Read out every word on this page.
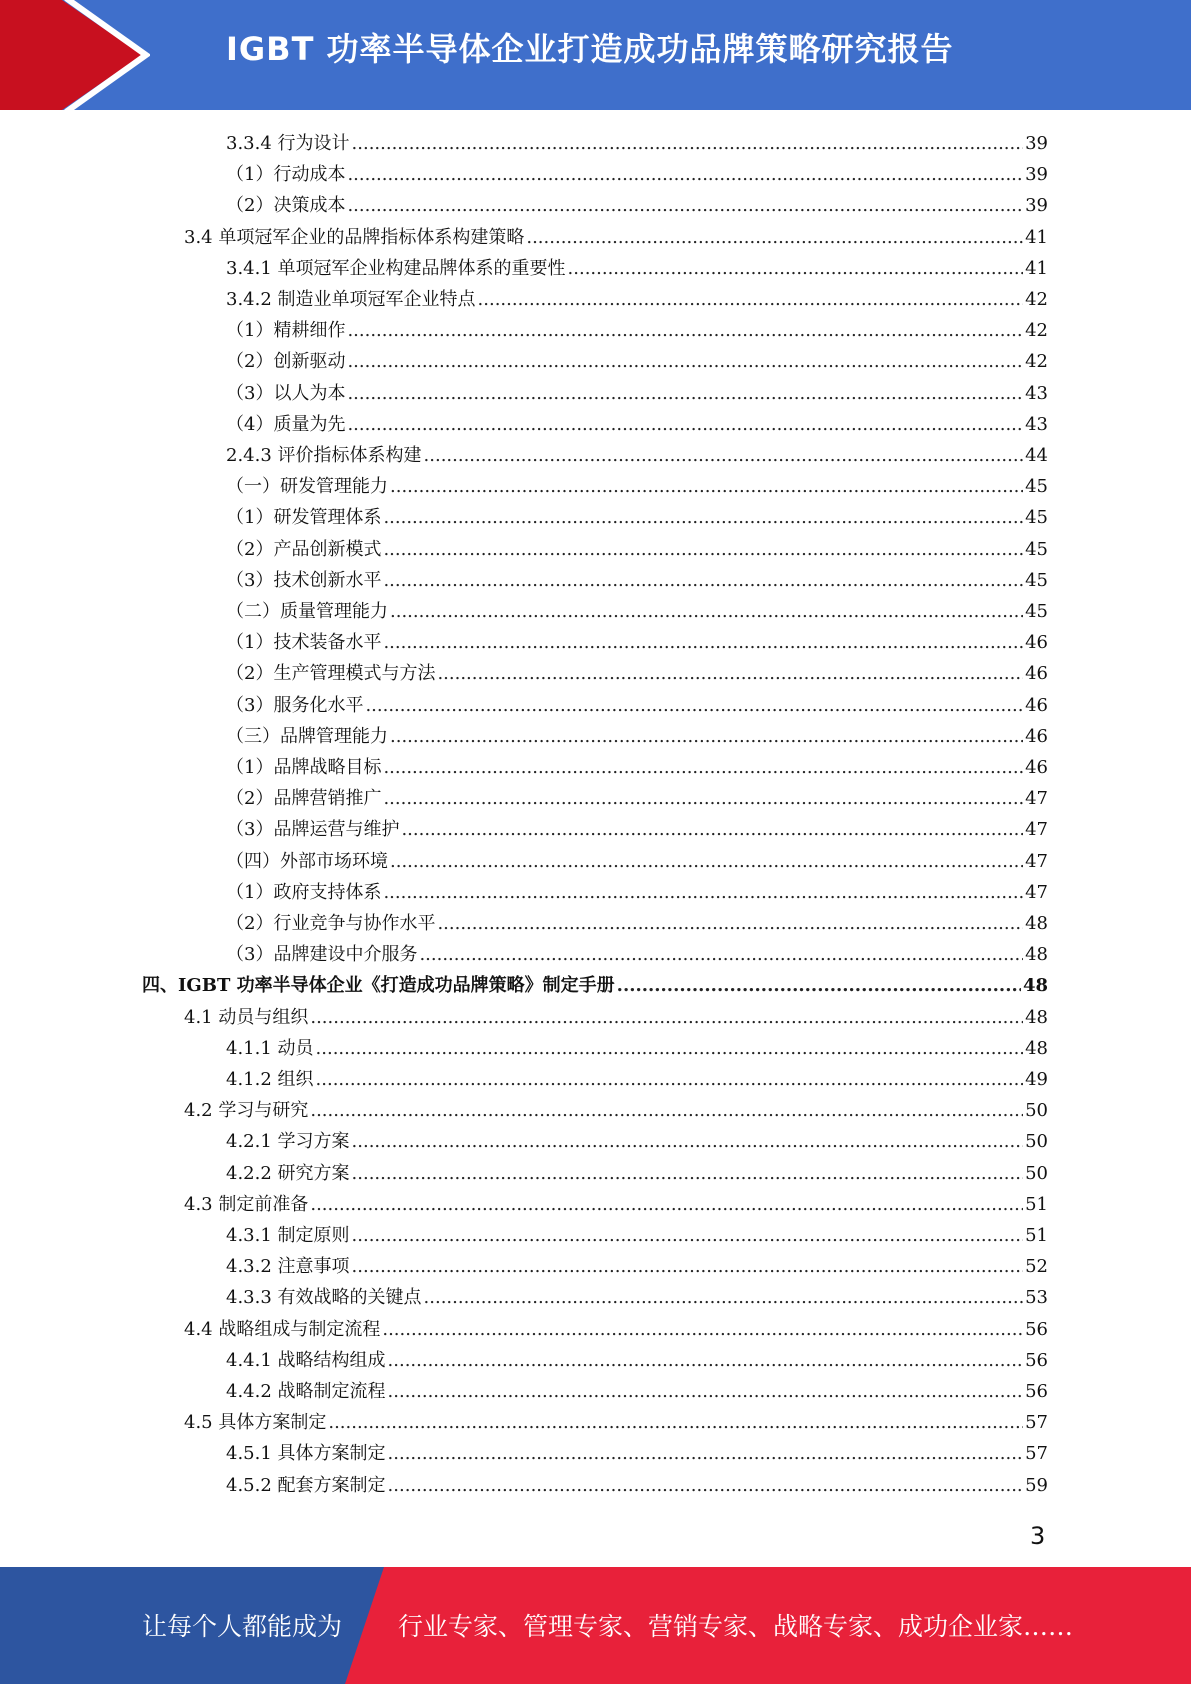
IGBT 功率半导体企业打造成功品牌策略研究报告
3.3.4 行为设计 .....	39
（1）行动成本 .....	39
（2）决策成本 .....	39
3.4 单项冠军企业的品牌指标体系构建策略 .....	41
3.4.1 单项冠军企业构建品牌体系的重要性 .....	41
3.4.2 制造业单项冠军企业特点 .....	42
（1）精耕细作 .....	42
（2）创新驱动 .....	42
（3）以人为本 .....	43
（4）质量为先 .....	43
2.4.3 评价指标体系构建 .....	44
（一）研发管理能力 .....	45
（1）研发管理体系 .....	45
（2）产品创新模式 .....	45
（3）技术创新水平 .....	45
（二）质量管理能力 .....	45
（1）技术装备水平 .....	46
（2）生产管理模式与方法 .....	46
（3）服务化水平 .....	46
（三）品牌管理能力 .....	46
（1）品牌战略目标 .....	46
（2）品牌营销推广 .....	47
（3）品牌运营与维护 .....	47
（四）外部市场环境 .....	47
（1）政府支持体系 .....	47
（2）行业竞争与协作水平 .....	48
（3）品牌建设中介服务 .....	48
四、IGBT 功率半导体企业《打造成功品牌策略》制定手册 .....	48
4.1 动员与组织 .....	48
4.1.1 动员 .....	48
4.1.2 组织 .....	49
4.2 学习与研究 .....	50
4.2.1 学习方案 .....	50
4.2.2 研究方案 .....	50
4.3 制定前准备 .....	51
4.3.1 制定原则 .....	51
4.3.2 注意事项 .....	52
4.3.3 有效战略的关键点 .....	53
4.4 战略组成与制定流程 .....	56
4.4.1 战略结构组成 .....	56
4.4.2 战略制定流程 .....	56
4.5 具体方案制定 .....	57
4.5.1 具体方案制定 .....	57
4.5.2 配套方案制定 .....	59
3
让每个人都能成为 行业专家、管理专家、营销专家、战略专家、成功企业家……
